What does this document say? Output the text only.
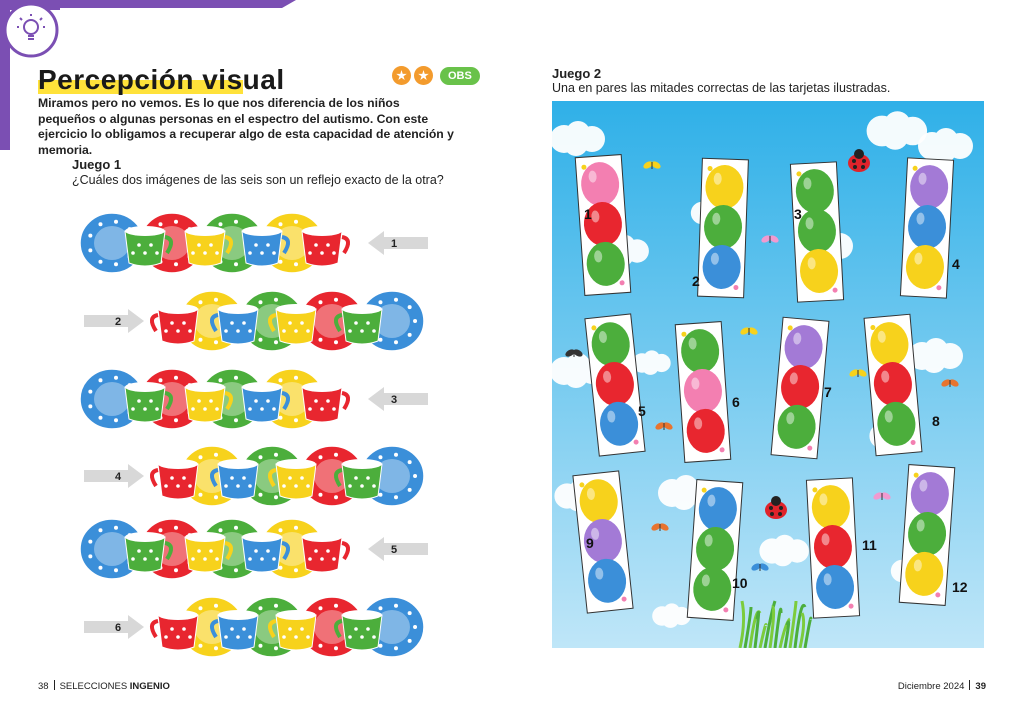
Percepción visual	OBS
Miramos pero no vemos. Es lo que nos diferencia de los niños pequeños o algunas personas en el espectro del autismo. Con este ejercicio lo obligamos a recuperar algo de esta capacidad de atención y memoria.
Juego 1
¿Cuáles dos imágenes de las seis son un reflejo exacto de la otra?
1
2
3
4
5
6
Juego 2
Una en pares las mitades correctas de las tarjetas ilustradas.
1
2
3
4
5
6
7
8
9
10
11
12
38 SELECCIONES INGENIO	Diciembre 2024 39
